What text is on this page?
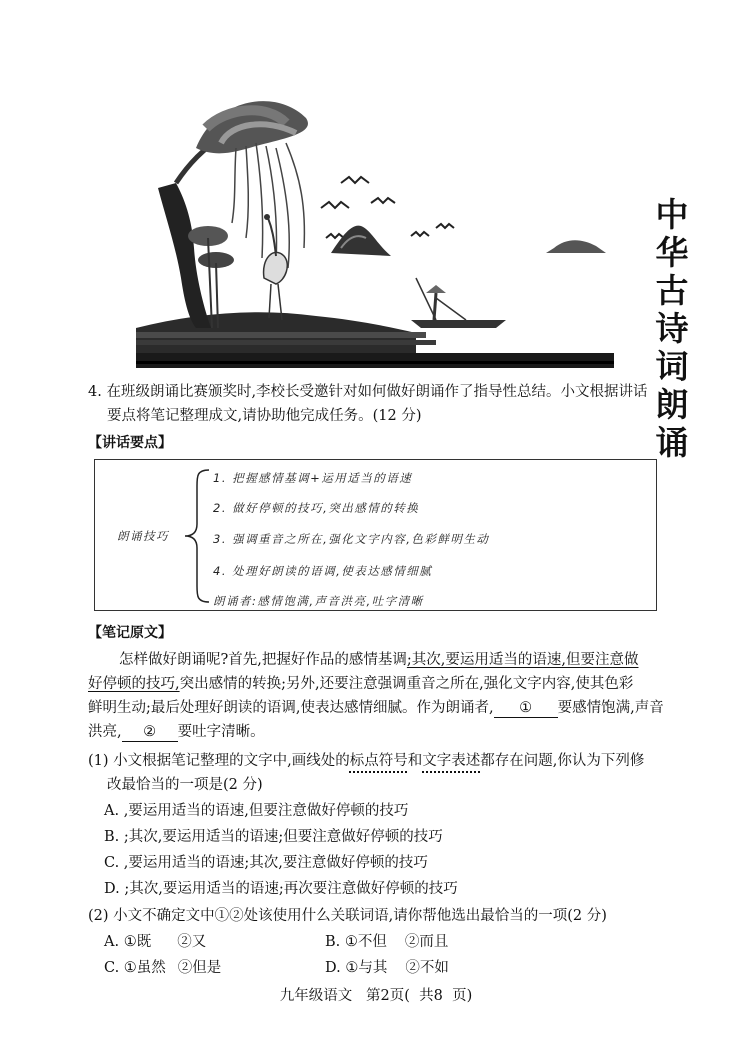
中
华
古
诗
词
朗
诵
4. 在班级朗诵比赛颁奖时,李校长受邀针对如何做好朗诵作了指导性总结。小文根据讲话
要点将笔记整理成文,请协助他完成任务。(12 分)
【讲话要点】
朗诵技巧
1. 把握感情基调+运用适当的语速
2. 做好停顿的技巧,突出感情的转换
3. 强调重音之所在,强化文字内容,色彩鲜明生动
4. 处理好朗读的语调,使表达感情细腻
朗诵者:感情饱满,声音洪亮,吐字清晰
【笔记原文】
怎样做好朗诵呢?首先,把握好作品的感情基调;其次,要运用适当的语速,但要注意做
好停顿的技巧,突出感情的转换;另外,还要注意强调重音之所在,强化文字内容,使其色彩
鲜明生动;最后处理好朗读的语调,使表达感情细腻。作为朗诵者, ① 要感情饱满,声音
洪亮, ② 要吐字清晰。
(1) 小文根据笔记整理的文字中,画线处的标点符号和文字表述都存在问题,你认为下列修
改最恰当的一项是(2 分)
A. ,要运用适当的语速,但要注意做好停顿的技巧
B. ;其次,要运用适当的语速;但要注意做好停顿的技巧
C. ,要运用适当的语速;其次,要注意做好停顿的技巧
D. ;其次,要运用适当的语速;再次要注意做好停顿的技巧
(2) 小文不确定文中①②处该使用什么关联词语,请你帮他选出最恰当的一项(2 分)
A. ①既 ②又	B. ①不但 ②而且
C. ①虽然 ②但是	D. ①与其 ②不如
九年级语文   第2页(  共8  页)
